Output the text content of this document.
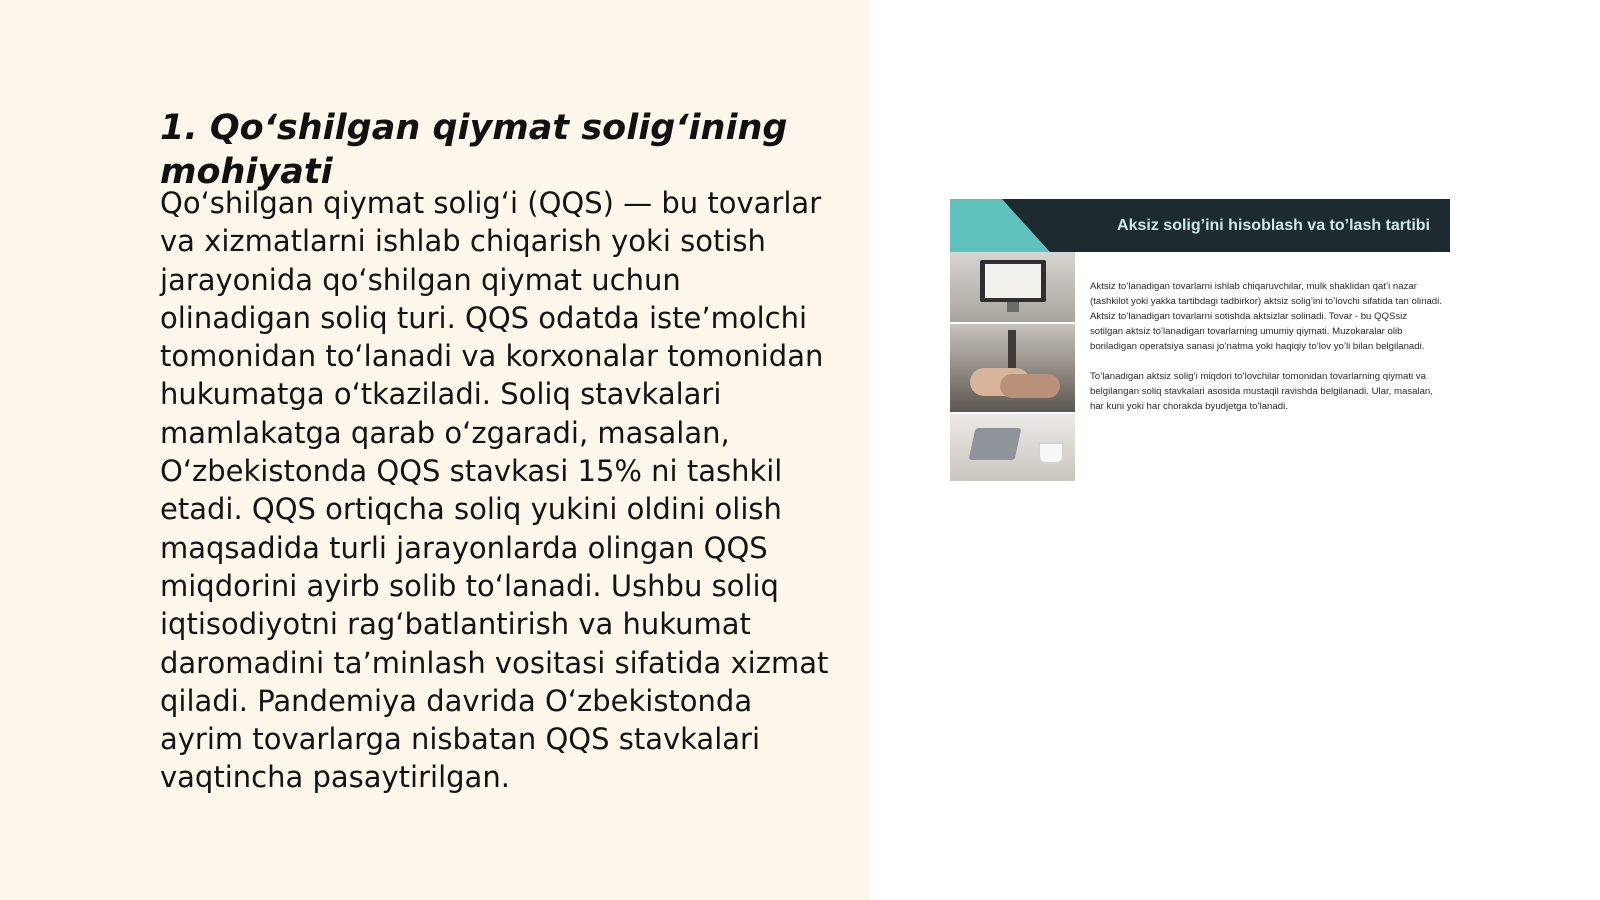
1. Qo‘shilgan qiymat solig‘ining mohiyati

Qo‘shilgan qiymat solig‘i (QQS) — bu tovarlar va xizmatlarni ishlab chiqarish yoki sotish jarayonida qo‘shilgan qiymat uchun olinadigan soliq turi. QQS odatda iste’molchi tomonidan to‘lanadi va korxonalar tomonidan hukumatga o‘tkaziladi. Soliq stavkalari mamlakatga qarab o‘zgaradi, masalan, O‘zbekistonda QQS stavkasi 15% ni tashkil etadi. QQS ortiqcha soliq yukini oldini olish maqsadida turli jarayonlarda olingan QQS miqdorini ayirb solib to‘lanadi. Ushbu soliq iqtisodiyotni rag‘batlantirish va hukumat daromadini ta’minlash vositasi sifatida xizmat qiladi. Pandemiya davrida O‘zbekistonda ayrim tovarlarga nisbatan QQS stavkalari vaqtincha pasaytirilgan.

Aksiz solig’ini hisoblash va to’lash tartibi

Aktsiz to’lanadigan tovarlarni ishlab chiqaruvchilar, mulk shaklidan qat’i nazar (tashkilot yoki yakka tartibdagi tadbirkor) aktsiz solig’ini to’lovchi sifatida tan olinadi. Aktsiz to’lanadigan tovarlarni sotishda aktsizlar solinadi. Tovar - bu QQSsiz sotilgan aktsiz to’lanadigan tovarlarning umumiy qiymati. Muzokaralar olib boriladigan operatsiya sanasi jo’natma yoki haqiqiy to’lov yo’li bilan belgilanadi.

To’lanadigan aktsiz solig’i miqdori to’lovchilar tomonidan tovarlarning qiymati va belgilangan soliq stavkalari asosida mustaqil ravishda belgilanadi. Ular, masalan, har kuni yoki har chorakda byudjetga to’lanadi.
